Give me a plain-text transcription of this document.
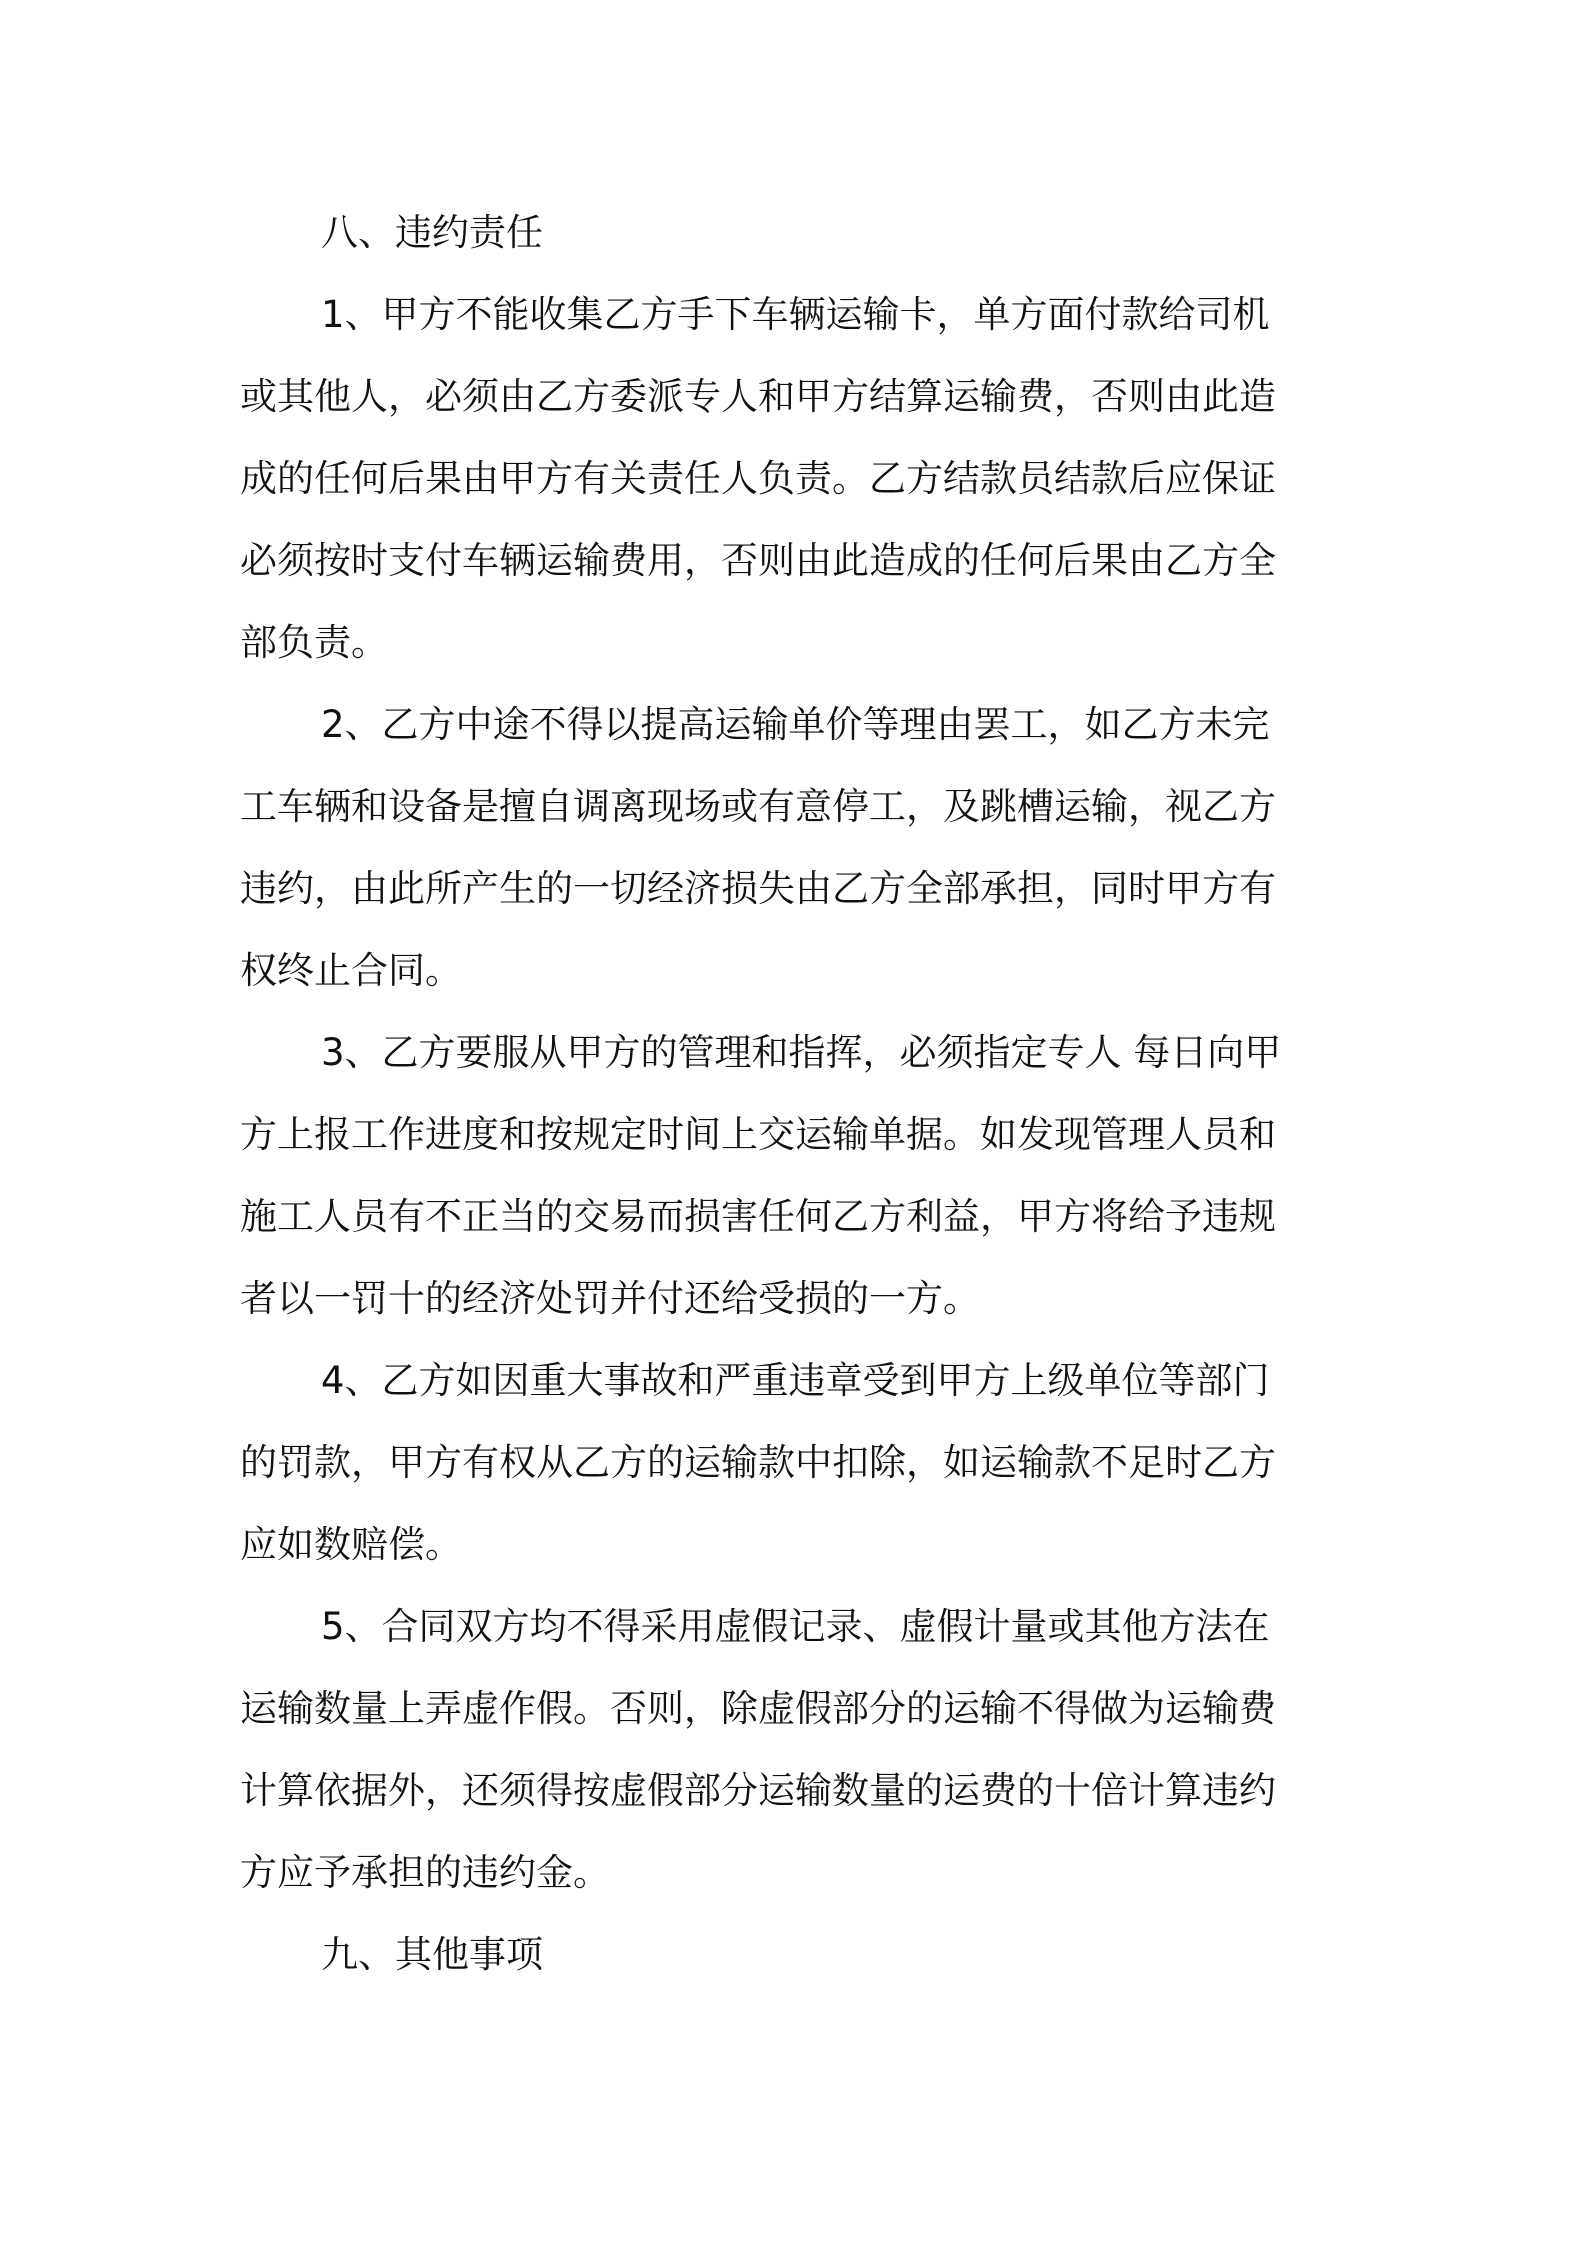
八、违约责任
1、甲方不能收集乙方手下车辆运输卡，单方面付款给司机
或其他人，必须由乙方委派专人和甲方结算运输费，否则由此造
成的任何后果由甲方有关责任人负责。乙方结款员结款后应保证
必须按时支付车辆运输费用，否则由此造成的任何后果由乙方全
部负责。
2、乙方中途不得以提高运输单价等理由罢工，如乙方未完
工车辆和设备是擅自调离现场或有意停工，及跳槽运输，视乙方
违约，由此所产生的一切经济损失由乙方全部承担，同时甲方有
权终止合同。
3、乙方要服从甲方的管理和指挥，必须指定专人 每日向甲
方上报工作进度和按规定时间上交运输单据。如发现管理人员和
施工人员有不正当的交易而损害任何乙方利益，甲方将给予违规
者以一罚十的经济处罚并付还给受损的一方。
4、乙方如因重大事故和严重违章受到甲方上级单位等部门
的罚款，甲方有权从乙方的运输款中扣除，如运输款不足时乙方
应如数赔偿。
5、合同双方均不得采用虚假记录、虚假计量或其他方法在
运输数量上弄虚作假。否则，除虚假部分的运输不得做为运输费
计算依据外，还须得按虚假部分运输数量的运费的十倍计算违约
方应予承担的违约金。
九、其他事项
